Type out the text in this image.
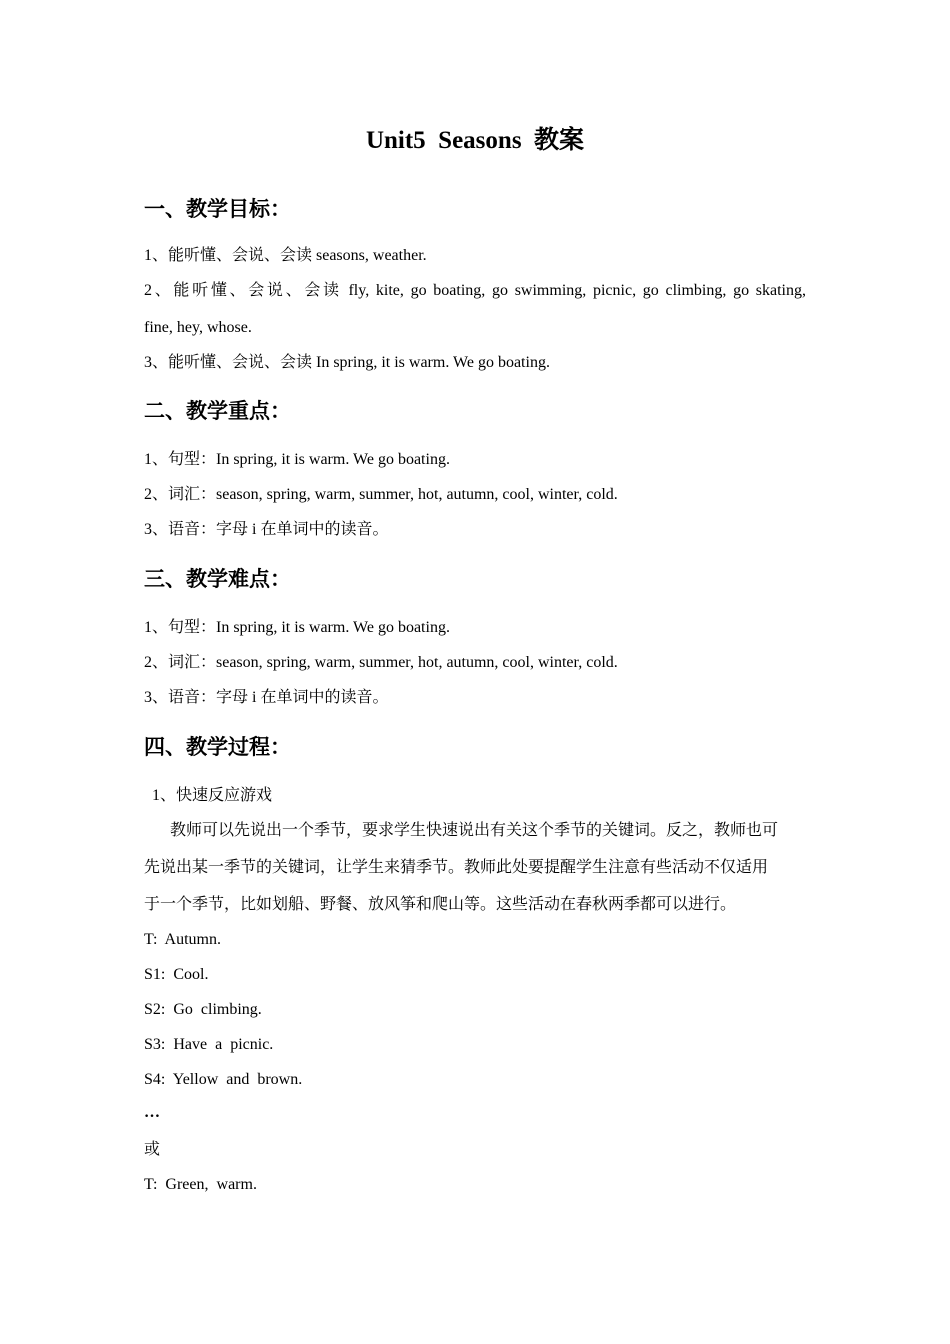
Unit5  Seasons  教案
一、教学目标：
1、能听懂、会说、会读 seasons, weather.
2、能听懂、会说、会读 fly, kite, go boating, go swimming, picnic, go climbing, go skating,
fine, hey, whose.
3、能听懂、会说、会读 In spring, it is warm. We go boating.
二、教学重点：
1、句型：In spring, it is warm. We go boating.
2、词汇：season, spring, warm, summer, hot, autumn, cool, winter, cold.
3、语音：字母 i 在单词中的读音。
三、教学难点：
1、句型：In spring, it is warm. We go boating.
2、词汇：season, spring, warm, summer, hot, autumn, cool, winter, cold.
3、语音：字母 i 在单词中的读音。
四、教学过程：
1、快速反应游戏
教师可以先说出一个季节，要求学生快速说出有关这个季节的关键词。反之，教师也可
先说出某一季节的关键词，让学生来猜季节。教师此处要提醒学生注意有些活动不仅适用
于一个季节，比如划船、野餐、放风筝和爬山等。这些活动在春秋两季都可以进行。
T:  Autumn.
S1:  Cool.
S2:  Go  climbing.
S3:  Have  a  picnic.
S4:  Yellow  and  brown.
…
或
T:  Green,  warm.
